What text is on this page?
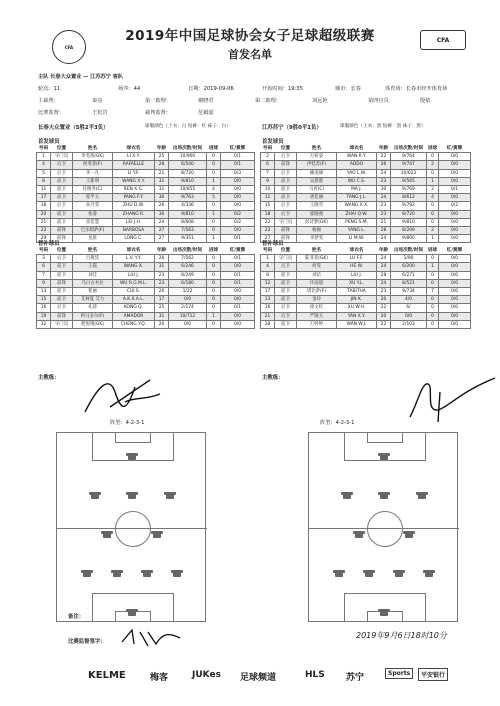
CFA
CFA
2019年中国足球协会女子足球超级联赛
首发名单
主队 长春大众置业 — 江苏苏宁 客队
轮次：11	场序：44	日期：2019-09-06	开始时间：19:35	城市：长春	体育场：长春市经开体育场
主裁判：	秦亮	第一助理：	谢晓君	第二助理：	刘远艳	第四官员：	殷依
比赛监督：	王松岩	裁判监督：	范毅嘉
长春大众置业（5胜2平3负）	球服颜色（上衣：白 短裤：红 袜子：白）
首发球员
号码	位置	姓名	球衣名	年龄	出场次数/时间	进球	红/黄牌
1	守门员	李雯茜(GK)	LI X.Y.	25	10/900	0	0/1
4	后卫	侯斐菲(F)	RAFAELLE	28	6/540	0	0/1
5	后卫	李一凡	LI Y.F.	21	8/720	0	0/3
8	前卫	王新明	WANG X.Y.	31	9/810	1	0/0
11	前卫	任晓冬(C)	REN X.G.	31	10/855	4	0/0
17	前卫	庞芊玉	PANG F.Y.	30	9/763	5	0/0
18	后卫	朱月雯	ZHU D.W.	26	4/336	0	0/0
20	前卫	张睿	ZHANG R.	30	9/810	1	0/2
21	前卫	雷佳慧	LEI J.H.	24	8/608	0	0/2
23	前锋	巴乐姆萨(F)	BARBOSA	27	7/563	0	0/0
29	前锋	龙晨	LONG C.	27	9/351	1	0/1
替补球员
号码	位置	姓名	球衣名	年龄	出场次数/时间	进球	红/黄牌
3	后卫	吕燕廷	L.V. Y.Y.	26	7/562	0	0/1
6	前卫	王霞	WANG X.	31	6/246	0	0/0
7	前卫	刘佳	LIU J.	23	8/249	0	0/1
9	前锋	乌日古木拉	WU R.G.M.L.	23	6/180	0	0/1
13	前卫	崔丽	CUI S.	20	1/22	0	0/0
15	前卫	艾柯夏 艾力	A.K.X.A.L.	17	0/0	0	0/0
16	后卫	孔琦	KONG Q.	25	2/174	0	0/1
19	前锋	阿马多尔(F)	AMADOR	31	10/712	1	0/0
32	守门员	程悦翔(GK)	CHENG Y.Q.	20	0/0	0	0/0
江苏苏宁（9胜0平1负）	球服颜色（上衣：黑 短裤：黑 袜子：黑）
首发球员
号码	位置	姓名	球衣名	年龄	出场次数/时间	进球	红/黄牌
2	后卫	万妍姿	WAN R.Y.	22	9/764	0	0/0
6	前锋	伊娃苏(F)	ADDO	26	9/747	2	0/0
7	后卫	姚凌娣	YAO L.W.	24	10/623	0	0/0
9	前卫	吴晨都	WU C.S.	23	9/565	1	0/0
10	前卫	马君(C)	MA J.	30	9/769	2	0/1
11	前卫	唐佳丽	TANG J.L.	24	8/612	4	0/0
15	后卫	王晓雪	WANG X.X.	23	9/792	0	0/2
18	后卫	霍晓燕	ZHAI Q.W.	23	8/720	0	0/0
22	守门员	彭诗梦(GK)	PENG S.M.	21	9/810	0	0/0
23	前锋	杨丽	YANG L.	28	8/209	2	0/0
27	前锋	李梦雯	LI M.W.	24	9/800	1	0/0
替补球员
号码	位置	姓名	球衣名	年龄	出场次数/时间	进球	红/黄牌
1	守门员	陆菲菲(GK)	LU F.F.	24	1/90	0	0/0
4	后卫	何雯	HE W.	24	6/200	1	0/0
8	前卫	刘洁	LIU J.	28	6/271	0	0/0
12	前卫	许雨晨	XU Y.L.	24	8/521	0	0/0
17	前卫	塔比萨(F)	TABITHA	23	9/734	7	0/0
13	前卫	金玲	JIN K.	20	4/0	0	0/0
16	后卫	徐文红	XU W.H.	22	6/	0	0/0
21	后卫	严晓玉	YAN X.Y.	20	0/0	0	0/0
28	前卫	万婷婷	WAN W.J.	22	2/103	0	0/0
主教练：	主教练：
阵型：4-2-3-1	阵型：4-2-3-1
备注：
比赛监督签字：
2019年9月6日18时10分
KELME	梅客	JUKes 足球频道	HLS 苏宁	Sports	平安银行
